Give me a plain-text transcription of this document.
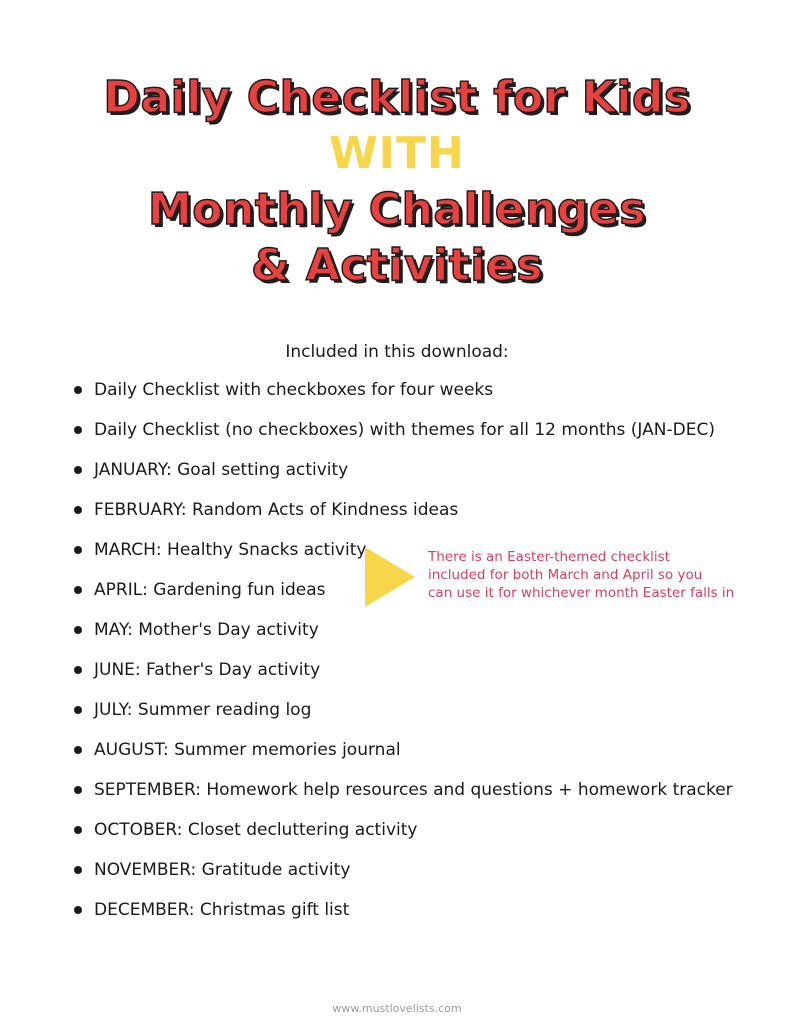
Daily Checklist for Kids
WITH
Monthly Challenges
& Activities
Included in this download:
Daily Checklist with checkboxes for four weeks
Daily Checklist (no checkboxes) with themes for all 12 months (JAN-DEC)
JANUARY: Goal setting activity
FEBRUARY: Random Acts of Kindness ideas
MARCH: Healthy Snacks activity
APRIL: Gardening fun ideas
MAY: Mother's Day activity
JUNE: Father's Day activity
JULY: Summer reading log
AUGUST: Summer memories journal
SEPTEMBER: Homework help resources and questions + homework tracker
OCTOBER: Closet decluttering activity
NOVEMBER: Gratitude activity
DECEMBER: Christmas gift list
There is an Easter-themed checklist
included for both March and April so you
can use it for whichever month Easter falls in
www.mustlovelists.com
